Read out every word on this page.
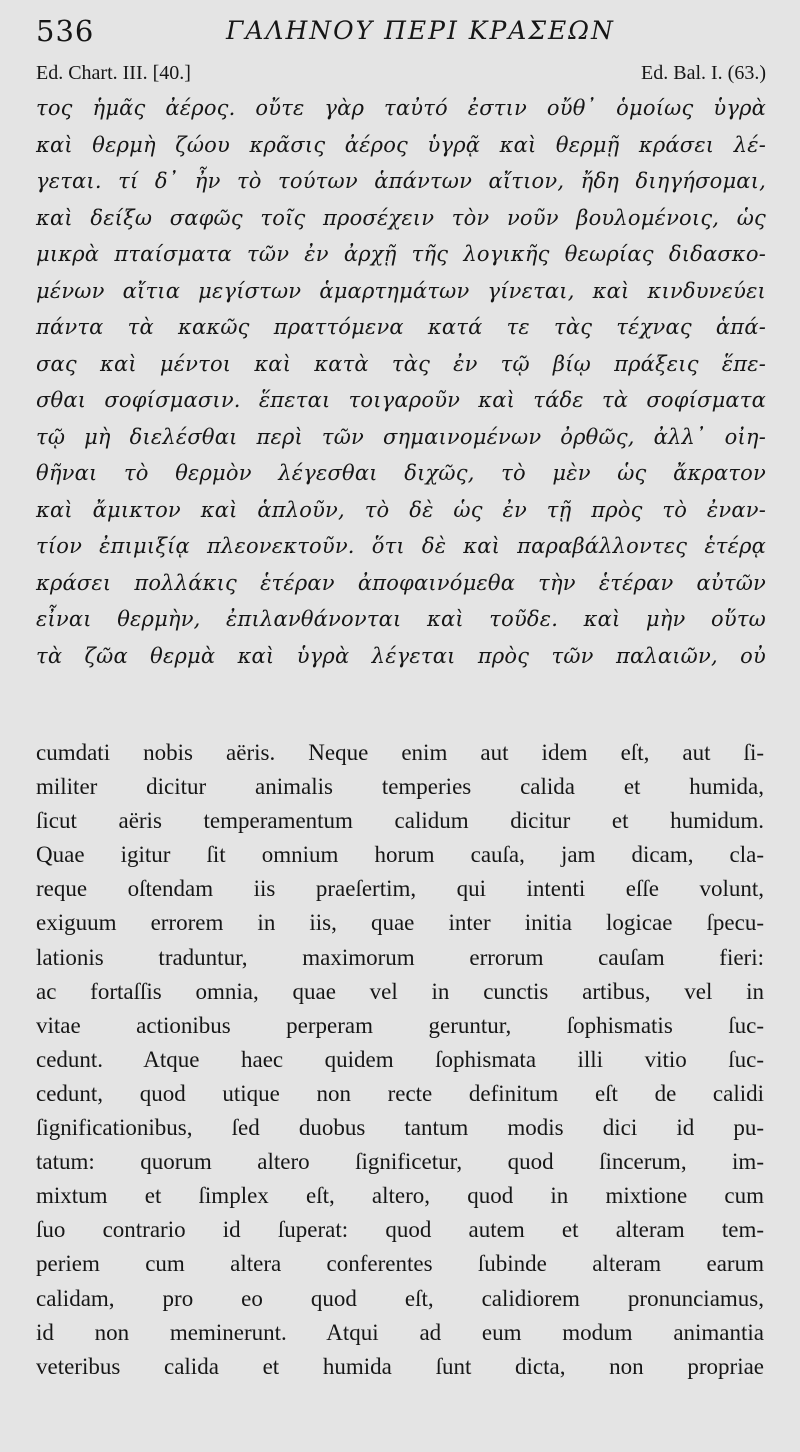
536	ΓΑΛΗΝΟΥ ΠΕΡΙ ΚΡΑΣΕΩΝ
Ed. Chart. III. [40.]	Ed. Bal. I. (63.)
τος ἡμᾶς ἀέρος. οὔτε γὰρ ταὐτό ἐστιν οὔθ᾽ ὁμοίως ὑγρὰ
καὶ θερμὴ ζώου κρᾶσις ἀέρος ὑγρᾷ καὶ θερμῇ κράσει λέ-
γεται. τί δ᾽ ἦν τὸ τούτων ἁπάντων αἴτιον, ἤδη διηγήσομαι,
καὶ δείξω σαφῶς τοῖς προσέχειν τὸν νοῦν βουλομένοις, ὡς
μικρὰ πταίσματα τῶν ἐν ἀρχῇ τῆς λογικῆς θεωρίας διδασκο-
μένων αἴτια μεγίστων ἁμαρτημάτων γίνεται, καὶ κινδυνεύει
πάντα τὰ κακῶς πραττόμενα κατά τε τὰς τέχνας ἁπά-
σας καὶ μέντοι καὶ κατὰ τὰς ἐν τῷ βίῳ πράξεις ἕπε-
σθαι σοφίσμασιν. ἕπεται τοιγαροῦν καὶ τάδε τὰ σοφίσματα
τῷ μὴ διελέσθαι περὶ τῶν σημαινομένων ὀρθῶς, ἀλλ᾽ οἰη-
θῆναι τὸ θερμὸν λέγεσθαι διχῶς, τὸ μὲν ὡς ἄκρατον
καὶ ἄμικτον καὶ ἁπλοῦν, τὸ δὲ ὡς ἐν τῇ πρὸς τὸ ἐναν-
τίον ἐπιμιξίᾳ πλεονεκτοῦν. ὅτι δὲ καὶ παραβάλλοντες ἑτέρᾳ
κράσει πολλάκις ἑτέραν ἀποφαινόμεθα τὴν ἑτέραν αὐτῶν
εἶναι θερμὴν, ἐπιλανθάνονται καὶ τοῦδε. καὶ μὴν οὕτω
τὰ ζῶα θερμὰ καὶ ὑγρὰ λέγεται πρὸς τῶν παλαιῶν, οὐ
cumdati nobis aëris. Neque enim aut idem eſt, aut ſi-
militer dicitur animalis temperies calida et humida,
ſicut aëris temperamentum calidum dicitur et humidum.
Quae igitur ſit omnium horum cauſa, jam dicam, cla-
reque oſtendam iis praeſertim, qui intenti eſſe volunt,
exiguum errorem in iis, quae inter initia logicae ſpecu-
lationis traduntur, maximorum errorum cauſam fieri:
ac fortaſſis omnia, quae vel in cunctis artibus, vel in
vitae actionibus perperam geruntur, ſophismatis ſuc-
cedunt. Atque haec quidem ſophismata illi vitio ſuc-
cedunt, quod utique non recte definitum eſt de calidi
ſignificationibus, ſed duobus tantum modis dici id pu-
tatum: quorum altero ſignificetur, quod ſincerum, im-
mixtum et ſimplex eſt, altero, quod in mixtione cum
ſuo contrario id ſuperat: quod autem et alteram tem-
periem cum altera conferentes ſubinde alteram earum
calidam, pro eo quod eſt, calidiorem pronunciamus,
id non meminerunt. Atqui ad eum modum animantia
veteribus calida et humida ſunt dicta, non propriae
